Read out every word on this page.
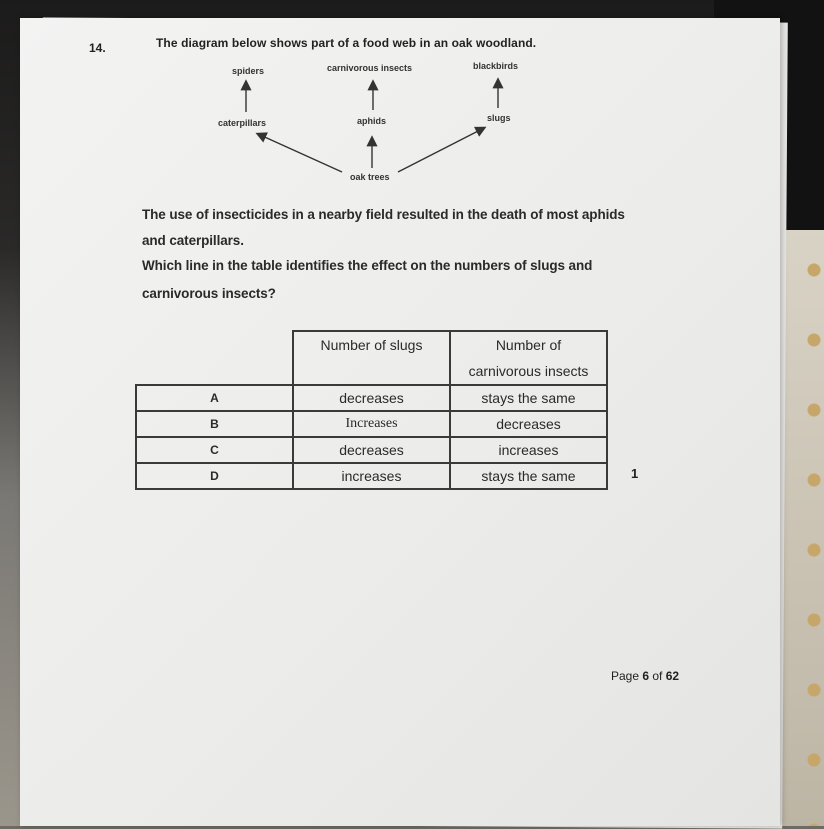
14.	The diagram below shows part of a food web in an oak woodland.
spiders	carnivorous insects	blackbirds
caterpillars	aphids	slugs
oak trees
The use of insecticides in a nearby field resulted in the death of most aphids
and caterpillars.
Which line in the table identifies the effect on the numbers of slugs and
carnivorous insects?
	Number of slugs	Number of
carnivorous insects

A	decreases	stays the same
B	Increases	decreases
C	decreases	increases
D	increases	stays the same	1
Page 6 of 62
